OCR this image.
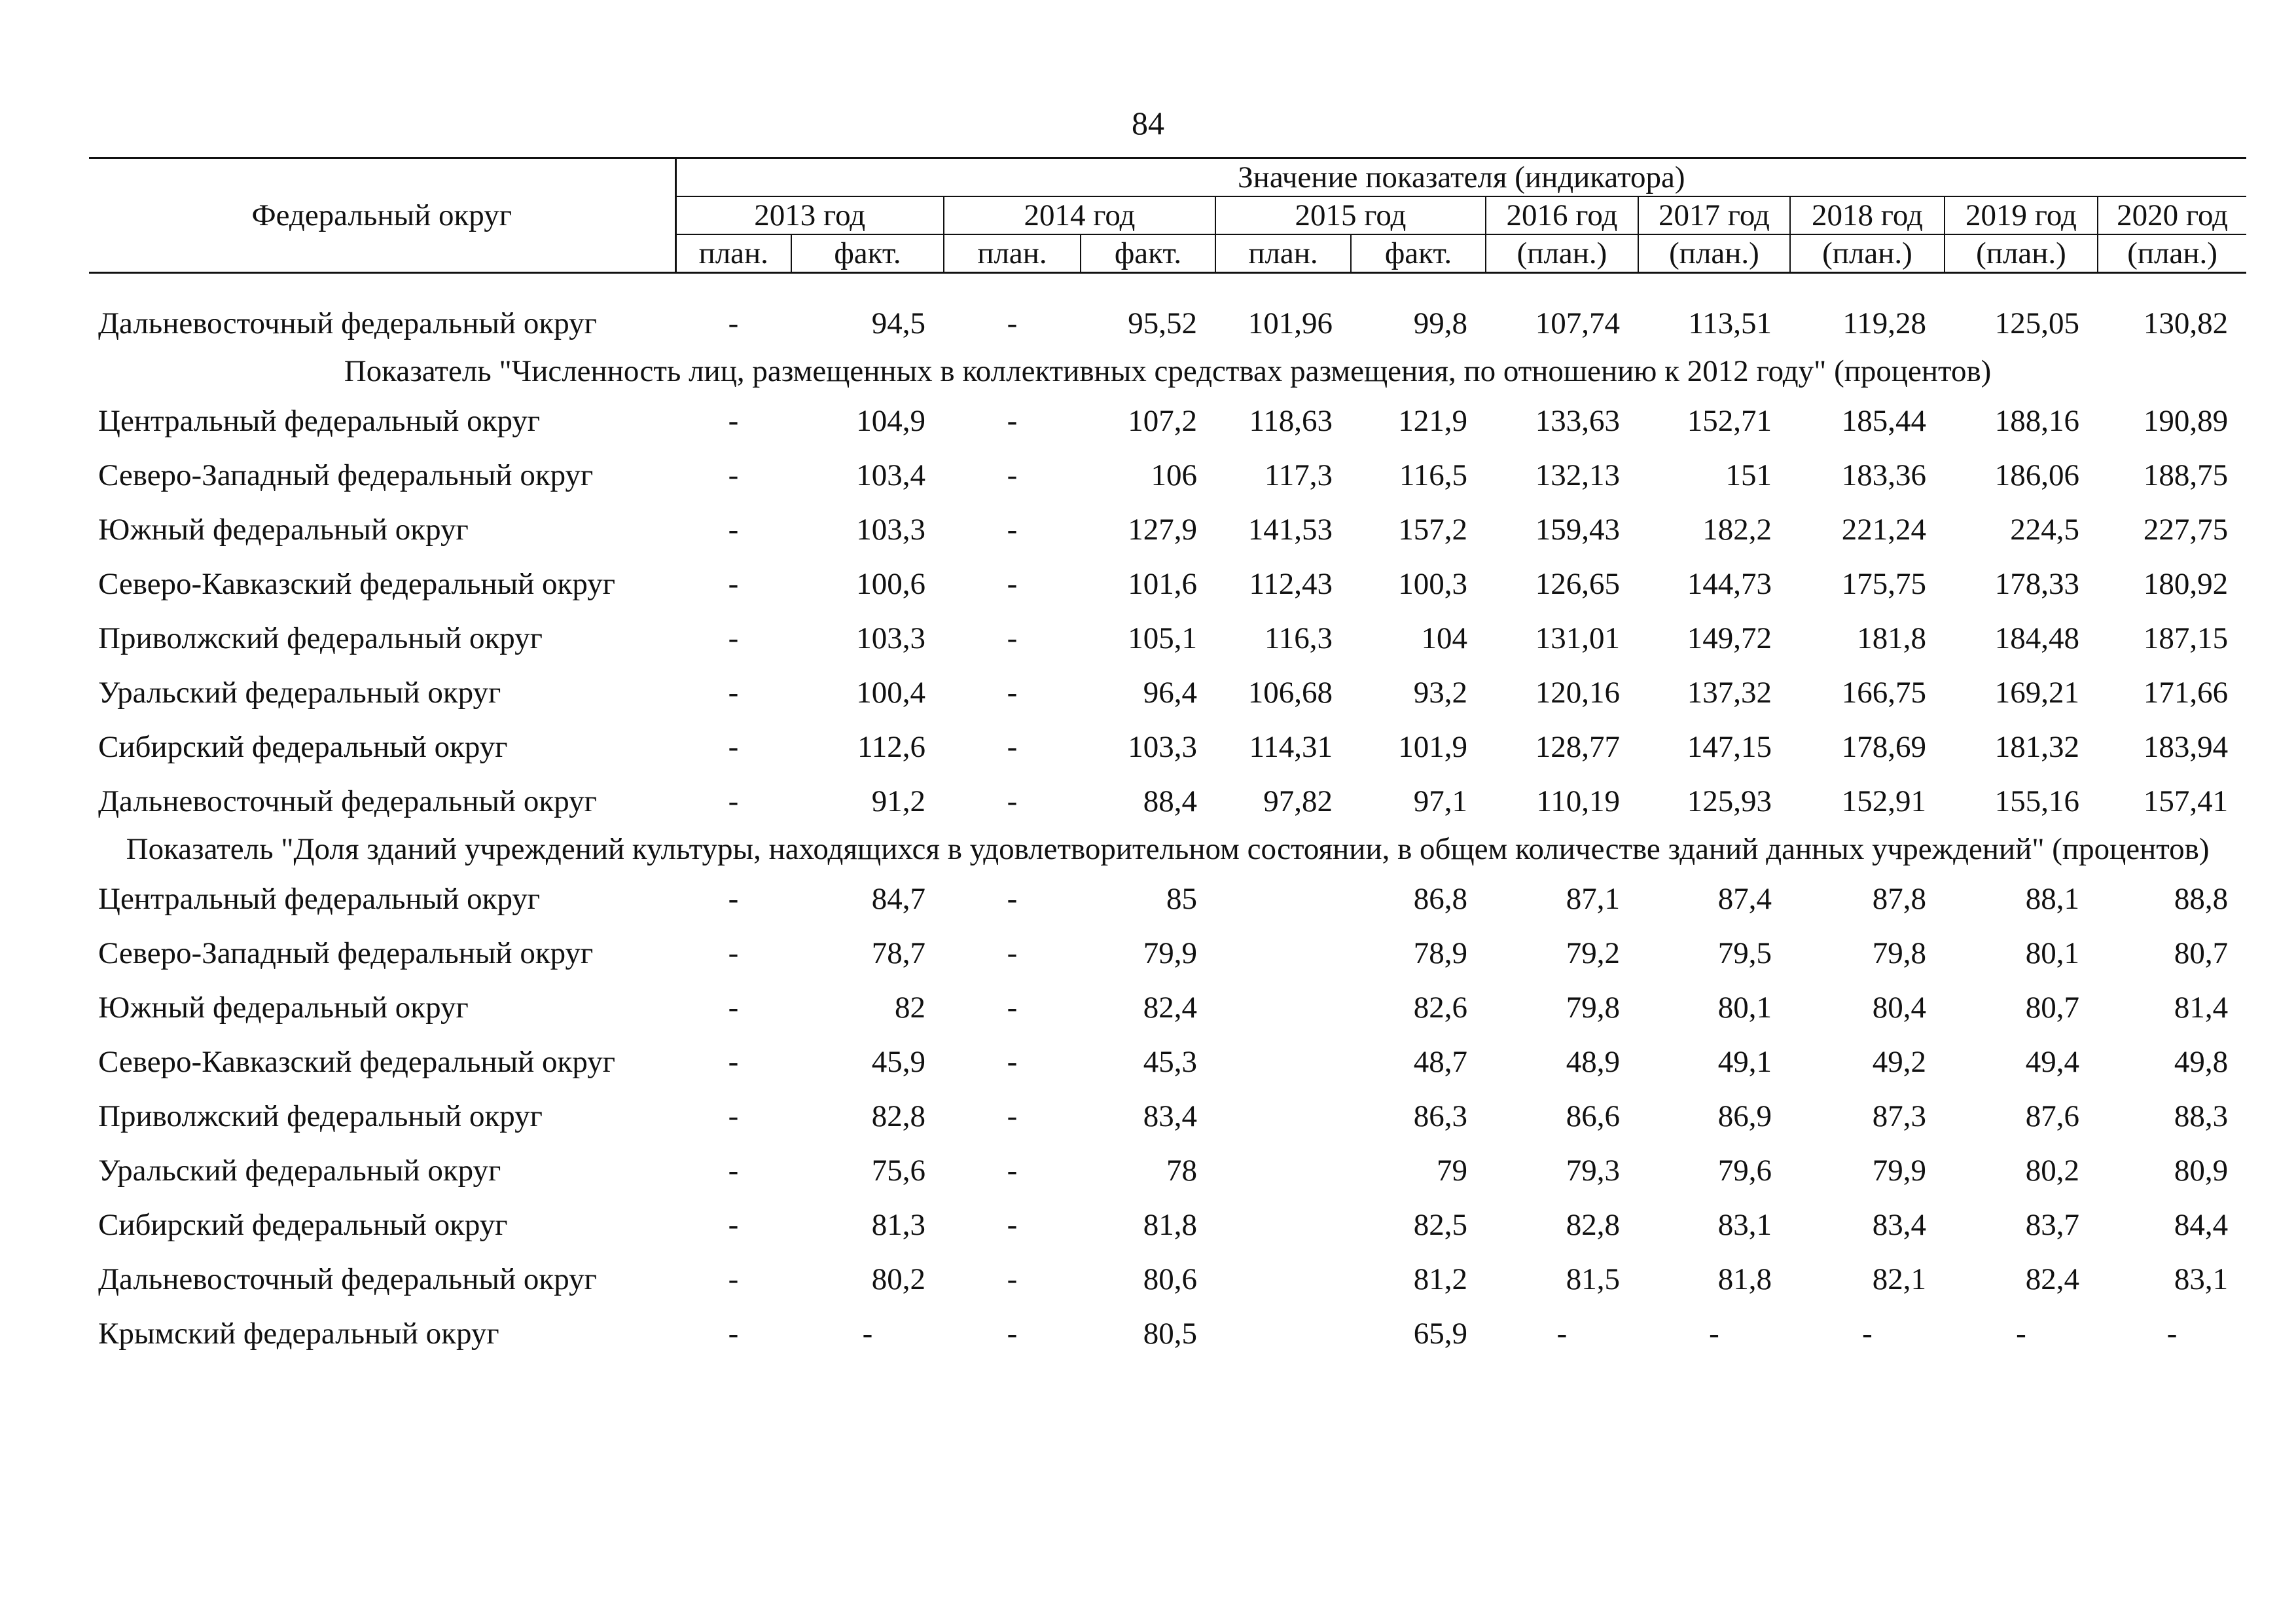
84
Федеральный округ	Значение показателя (индикатора)										
	2013 год		2014 год		2015 год		2016 год	2017 год	2018 год	2019 год	2020 год
	план.	факт.	план.	факт.	план.	факт.	(план.)	(план.)	(план.)	(план.)	(план.)

Дальневосточный федеральный округ	-	94,5	-	95,52	101,96	99,8	107,74	113,51	119,28	125,05	130,82
Показатель "Численность лиц, размещенных в коллективных средствах размещения, по отношению к 2012 году" (процентов)											
Центральный федеральный округ	-	104,9	-	107,2	118,63	121,9	133,63	152,71	185,44	188,16	190,89
Северо-Западный федеральный округ	-	103,4	-	106	117,3	116,5	132,13	151	183,36	186,06	188,75
Южный федеральный округ	-	103,3	-	127,9	141,53	157,2	159,43	182,2	221,24	224,5	227,75
Северо-Кавказский федеральный округ	-	100,6	-	101,6	112,43	100,3	126,65	144,73	175,75	178,33	180,92
Приволжский федеральный округ	-	103,3	-	105,1	116,3	104	131,01	149,72	181,8	184,48	187,15
Уральский федеральный округ	-	100,4	-	96,4	106,68	93,2	120,16	137,32	166,75	169,21	171,66
Сибирский федеральный округ	-	112,6	-	103,3	114,31	101,9	128,77	147,15	178,69	181,32	183,94
Дальневосточный федеральный округ	-	91,2	-	88,4	97,82	97,1	110,19	125,93	152,91	155,16	157,41
Показатель "Доля зданий учреждений культуры, находящихся в удовлетворительном состоянии, в общем количестве зданий данных учреждений" (процентов)											
Центральный федеральный округ	-	84,7	-	85		86,8	87,1	87,4	87,8	88,1	88,8
Северо-Западный федеральный округ	-	78,7	-	79,9		78,9	79,2	79,5	79,8	80,1	80,7
Южный федеральный округ	-	82	-	82,4		82,6	79,8	80,1	80,4	80,7	81,4
Северо-Кавказский федеральный округ	-	45,9	-	45,3		48,7	48,9	49,1	49,2	49,4	49,8
Приволжский федеральный округ	-	82,8	-	83,4		86,3	86,6	86,9	87,3	87,6	88,3
Уральский федеральный округ	-	75,6	-	78		79	79,3	79,6	79,9	80,2	80,9
Сибирский федеральный округ	-	81,3	-	81,8		82,5	82,8	83,1	83,4	83,7	84,4
Дальневосточный федеральный округ	-	80,2	-	80,6		81,2	81,5	81,8	82,1	82,4	83,1
Крымский федеральный округ	-	-	-	80,5		65,9	-	-	-	-	-
